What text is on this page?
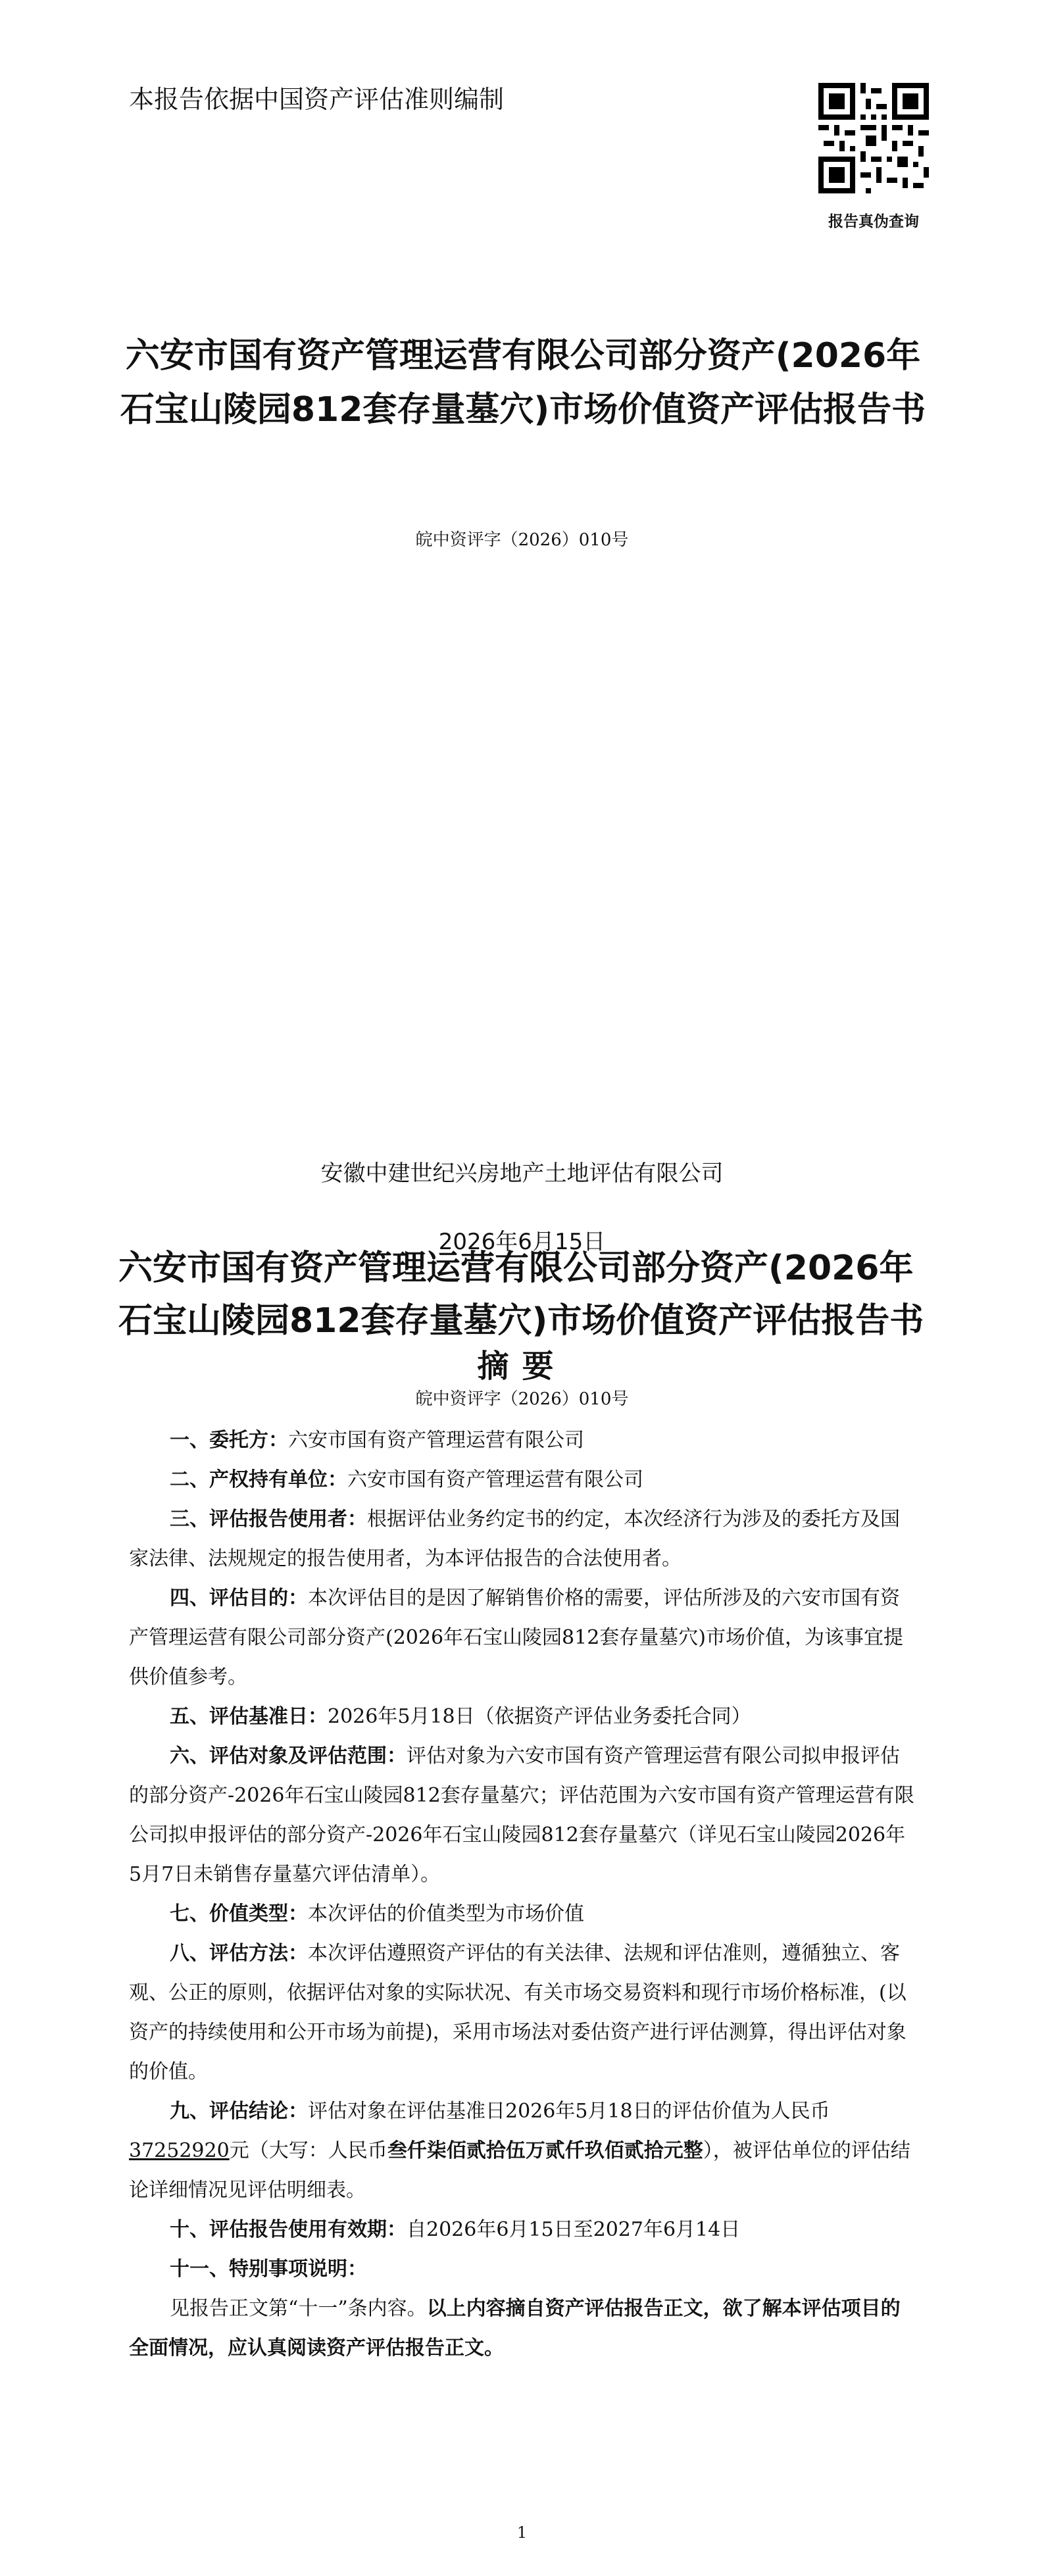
本报告依据中国资产评估准则编制
报告真伪查询
六安市国有资产管理运营有限公司部分资产(2026年石宝山陵园812套存量墓穴)市场价值资产评估报告书
皖中资评字（2026）010号
安徽中建世纪兴房地产土地评估有限公司
2026年6月15日
六安市国有资产管理运营有限公司部分资产(2026年石宝山陵园812套存量墓穴)市场价值资产评估报告书
摘要
皖中资评字（2026）010号

一、委托方：六安市国有资产管理运营有限公司

二、产权持有单位：六安市国有资产管理运营有限公司

三、评估报告使用者：根据评估业务约定书的约定，本次经济行为涉及的委托方及国家法律、法规规定的报告使用者，为本评估报告的合法使用者。

四、评估目的：本次评估目的是因了解销售价格的需要，评估所涉及的六安市国有资产管理运营有限公司部分资产(2026年石宝山陵园812套存量墓穴)市场价值，为该事宜提供价值参考。

五、评估基准日：2026年5月18日（依据资产评估业务委托合同）

六、评估对象及评估范围：评估对象为六安市国有资产管理运营有限公司拟申报评估的部分资产-2026年石宝山陵园812套存量墓穴；评估范围为六安市国有资产管理运营有限公司拟申报评估的部分资产-2026年石宝山陵园812套存量墓穴（详见石宝山陵园2026年5月7日未销售存量墓穴评估清单）。

七、价值类型：本次评估的价值类型为市场价值

八、评估方法：本次评估遵照资产评估的有关法律、法规和评估准则，遵循独立、客观、公正的原则，依据评估对象的实际状况、有关市场交易资料和现行市场价格标准，(以资产的持续使用和公开市场为前提)，采用市场法对委估资产进行评估测算，得出评估对象的价值。

九、评估结论：评估对象在评估基准日2026年5月18日的评估价值为人民币37252920元（大写：人民币叁仟柒佰贰拾伍万贰仟玖佰贰拾元整），被评估单位的评估结论详细情况见评估明细表。

十、评估报告使用有效期：自2026年6月15日至2027年6月14日

十一、特别事项说明：

见报告正文第“十一”条内容。以上内容摘自资产评估报告正文，欲了解本评估项目的全面情况，应认真阅读资产评估报告正文。

1
